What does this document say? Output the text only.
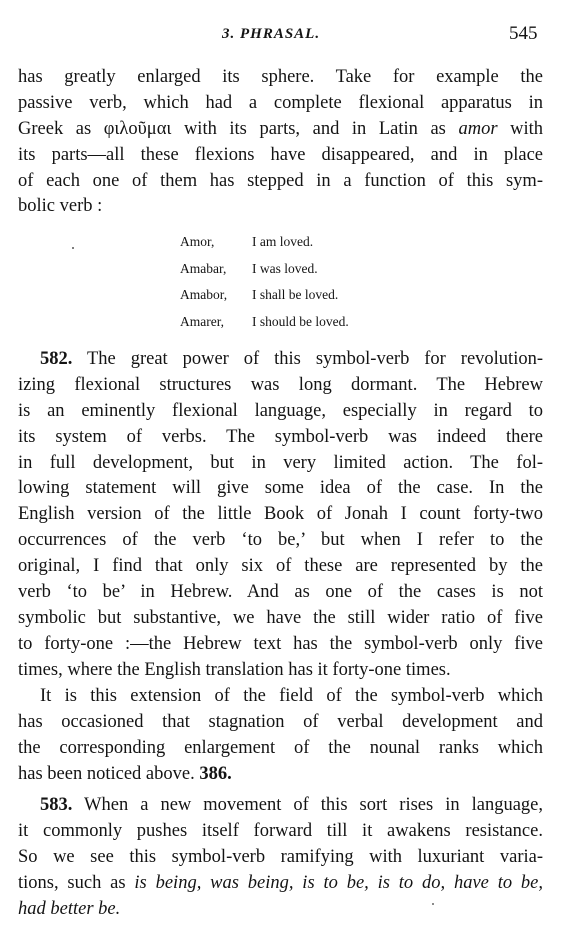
3. PHRASAL.	545
has greatly enlarged its sphere. Take for example the
passive verb, which had a complete flexional apparatus in
Greek as φιλοῦμαι with its parts, and in Latin as amor with
its parts—all these flexions have disappeared, and in place
of each one of them has stepped in a function of this sym-
bolic verb :
Amor,	I am loved.
Amabar, I was loved.
Amabor, I shall be loved.
Amarer, I should be loved.
582. The great power of this symbol-verb for revolution-
izing flexional structures was long dormant. The Hebrew
is an eminently flexional language, especially in regard to
its system of verbs. The symbol-verb was indeed there
in full development, but in very limited action. The fol-
lowing statement will give some idea of the case. In the
English version of the little Book of Jonah I count forty-two
occurrences of the verb ‘to be,’ but when I refer to the
original, I find that only six of these are represented by the
verb ‘to be’ in Hebrew. And as one of the cases is not
symbolic but substantive, we have the still wider ratio of five
to forty-one :—the Hebrew text has the symbol-verb only five
times, where the English translation has it forty-one times.
It is this extension of the field of the symbol-verb which
has occasioned that stagnation of verbal development and
the corresponding enlargement of the nounal ranks which
has been noticed above. 386.
583. When a new movement of this sort rises in language,
it commonly pushes itself forward till it awakens resistance.
So we see this symbol-verb ramifying with luxuriant varia-
tions, such as is being, was being, is to be, is to do, have to be,
had better be.
